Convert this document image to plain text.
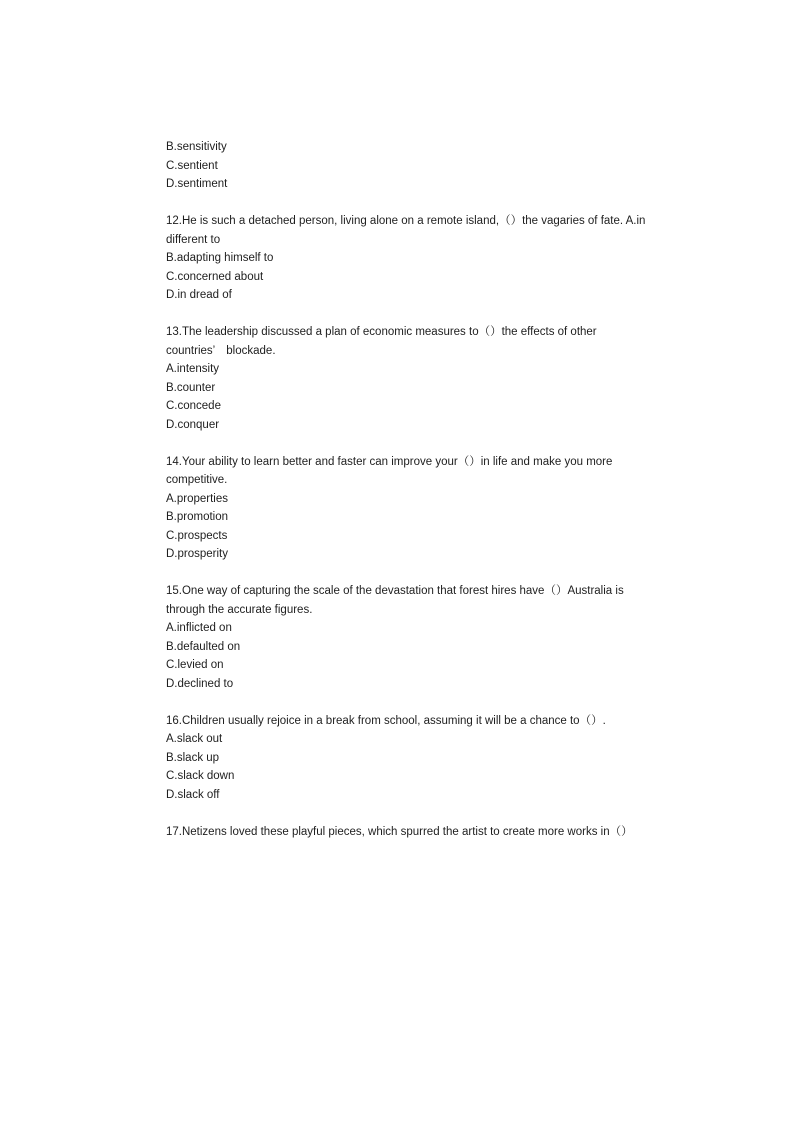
B.sensitivity
C.sentient
D.sentiment
12.He is such a detached person, living alone on a remote island,（）the vagaries of fate. A.in
different to
B.adapting himself to
C.concerned about
D.in dread of
13.The leadership discussed a plan of economic measures to（）the effects of other
countries’　blockade.
A.intensity
B.counter
C.concede
D.conquer
14.Your ability to learn better and faster can improve your（）in life and make you more
competitive.
A.properties
B.promotion
C.prospects
D.prosperity
15.One way of capturing the scale of the devastation that forest hires have（）Australia is
through the accurate figures.
A.inflicted on
B.defaulted on
C.levied on
D.declined to
16.Children usually rejoice in a break from school, assuming it will be a chance to（）.
A.slack out
B.slack up
C.slack down
D.slack off
17.Netizens loved these playful pieces, which spurred the artist to create more works in（）
